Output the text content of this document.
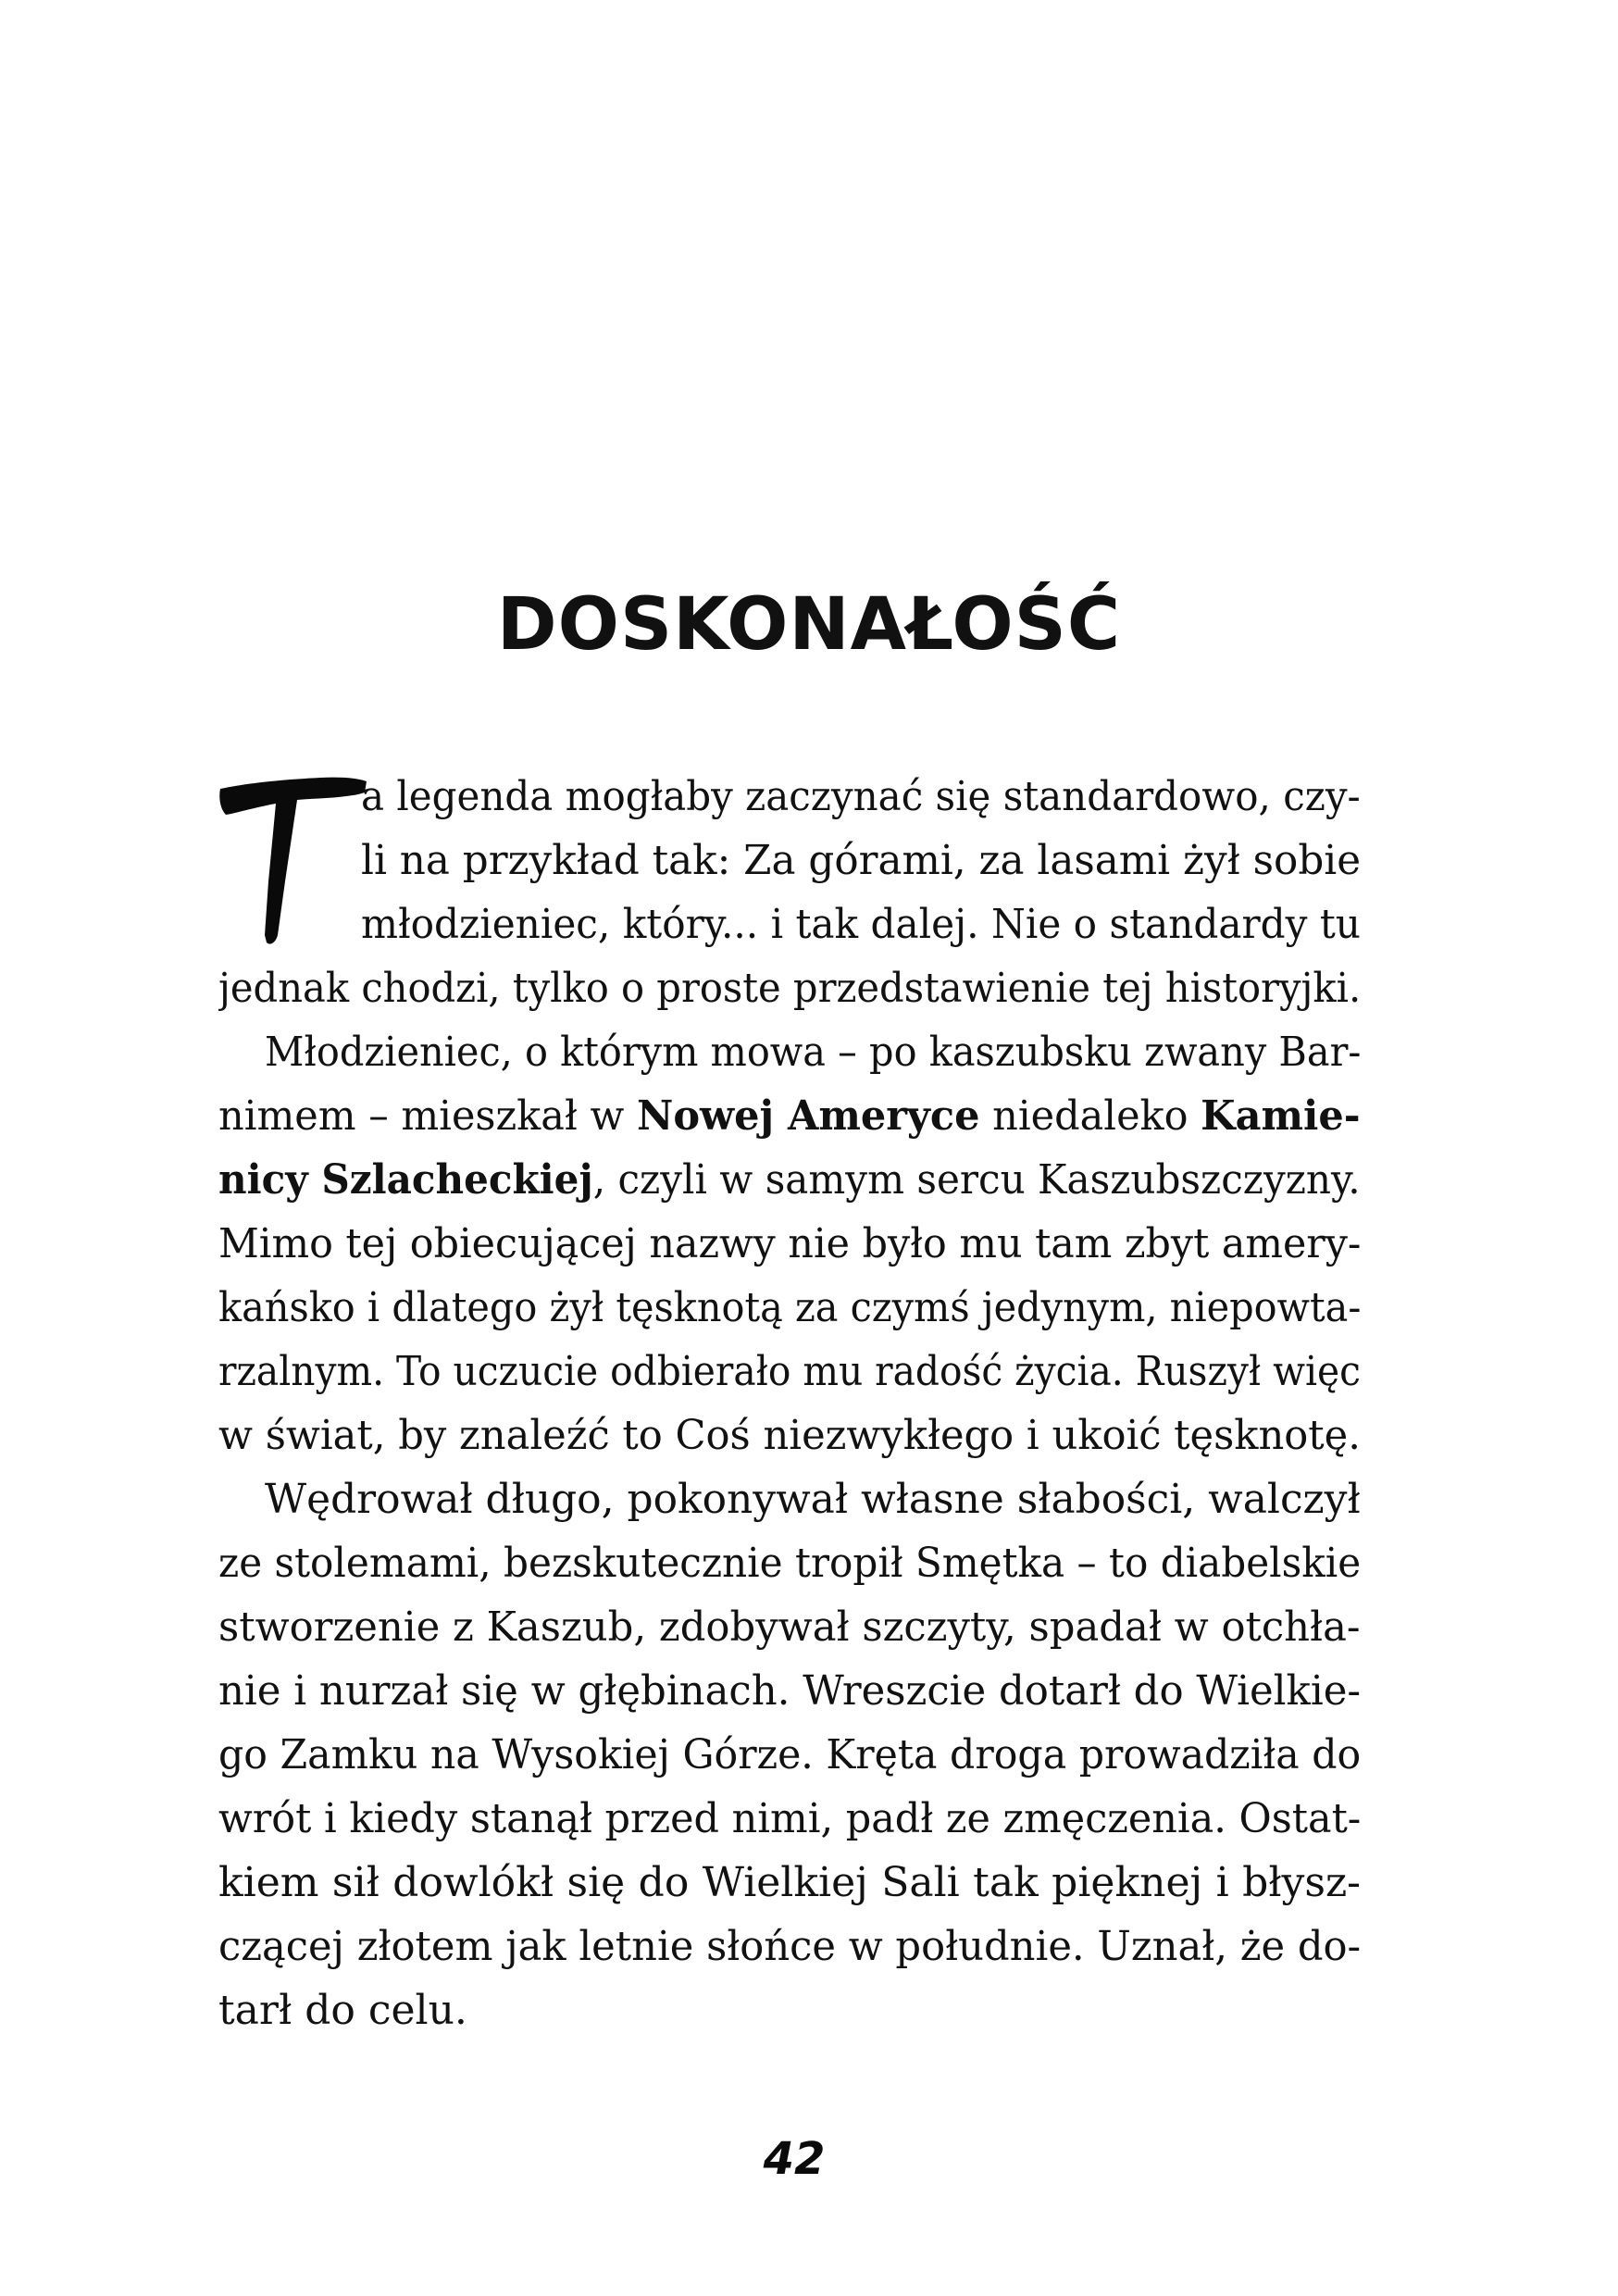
DOSKONAŁOŚĆ
a legenda mogłaby zaczynać się standardowo, czy-
li na przykład tak: Za górami, za lasami żył sobie
młodzieniec, który... i tak dalej. Nie o standardy tu
jednak chodzi, tylko o proste przedstawienie tej historyjki.
Młodzieniec, o którym mowa – po kaszubsku zwany Bar-
nimem – mieszkał w Nowej Ameryce niedaleko Kamie-
nicy Szlacheckiej, czyli w samym sercu Kaszubszczyzny.
Mimo tej obiecującej nazwy nie było mu tam zbyt amery-
kańsko i dlatego żył tęsknotą za czymś jedynym, niepowta-
rzalnym. To uczucie odbierało mu radość życia. Ruszył więc
w świat, by znaleźć to Coś niezwykłego i ukoić tęsknotę.
Wędrował długo, pokonywał własne słabości, walczył
ze stolemami, bezskutecznie tropił Smętka – to diabelskie
stworzenie z Kaszub, zdobywał szczyty, spadał w otchła-
nie i nurzał się w głębinach. Wreszcie dotarł do Wielkie-
go Zamku na Wysokiej Górze. Kręta droga prowadziła do
wrót i kiedy stanął przed nimi, padł ze zmęczenia. Ostat-
kiem sił dowlókł się do Wielkiej Sali tak pięknej i błysz-
czącej złotem jak letnie słońce w południe. Uznał, że do-
tarł do celu.
42
